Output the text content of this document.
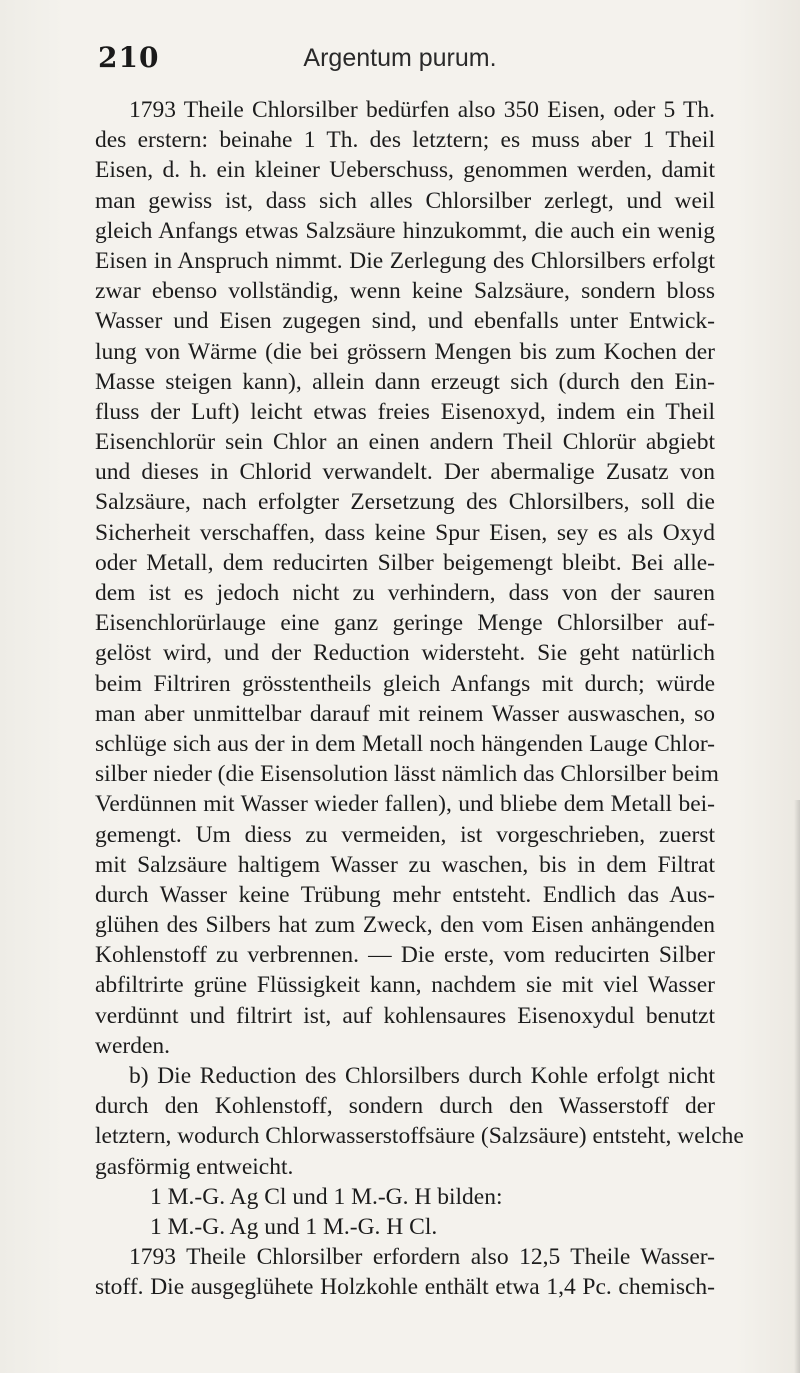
210	Argentum purum.
1793 Theile Chlorsilber bedürfen also 350 Eisen, oder 5 Th.
des erstern: beinahe 1 Th. des letztern; es muss aber 1 Theil
Eisen, d. h. ein kleiner Ueberschuss, genommen werden, damit
man gewiss ist, dass sich alles Chlorsilber zerlegt, und weil
gleich Anfangs etwas Salzsäure hinzukommt, die auch ein wenig
Eisen in Anspruch nimmt. Die Zerlegung des Chlorsilbers erfolgt
zwar ebenso vollständig, wenn keine Salzsäure, sondern bloss
Wasser und Eisen zugegen sind, und ebenfalls unter Entwick-
lung von Wärme (die bei grössern Mengen bis zum Kochen der
Masse steigen kann), allein dann erzeugt sich (durch den Ein-
fluss der Luft) leicht etwas freies Eisenoxyd, indem ein Theil
Eisenchlorür sein Chlor an einen andern Theil Chlorür abgiebt
und dieses in Chlorid verwandelt. Der abermalige Zusatz von
Salzsäure, nach erfolgter Zersetzung des Chlorsilbers, soll die
Sicherheit verschaffen, dass keine Spur Eisen, sey es als Oxyd
oder Metall, dem reducirten Silber beigemengt bleibt. Bei alle-
dem ist es jedoch nicht zu verhindern, dass von der sauren
Eisenchlorürlauge eine ganz geringe Menge Chlorsilber auf-
gelöst wird, und der Reduction widersteht. Sie geht natürlich
beim Filtriren grösstentheils gleich Anfangs mit durch; würde
man aber unmittelbar darauf mit reinem Wasser auswaschen, so
schlüge sich aus der in dem Metall noch hängenden Lauge Chlor-
silber nieder (die Eisensolution lässt nämlich das Chlorsilber beim
Verdünnen mit Wasser wieder fallen), und bliebe dem Metall bei-
gemengt. Um diess zu vermeiden, ist vorgeschrieben, zuerst
mit Salzsäure haltigem Wasser zu waschen, bis in dem Filtrat
durch Wasser keine Trübung mehr entsteht. Endlich das Aus-
glühen des Silbers hat zum Zweck, den vom Eisen anhängenden
Kohlenstoff zu verbrennen. — Die erste, vom reducirten Silber
abfiltrirte grüne Flüssigkeit kann, nachdem sie mit viel Wasser
verdünnt und filtrirt ist, auf kohlensaures Eisenoxydul benutzt
werden.
b) Die Reduction des Chlorsilbers durch Kohle erfolgt nicht
durch den Kohlenstoff, sondern durch den Wasserstoff der
letztern, wodurch Chlorwasserstoffsäure (Salzsäure) entsteht, welche
gasförmig entweicht.
1 M.-G. Ag Cl und 1 M.-G. H bilden:
1 M.-G. Ag und 1 M.-G. H Cl.
1793 Theile Chlorsilber erfordern also 12,5 Theile Wasser-
stoff. Die ausgeglühete Holzkohle enthält etwa 1,4 Pc. chemisch-
